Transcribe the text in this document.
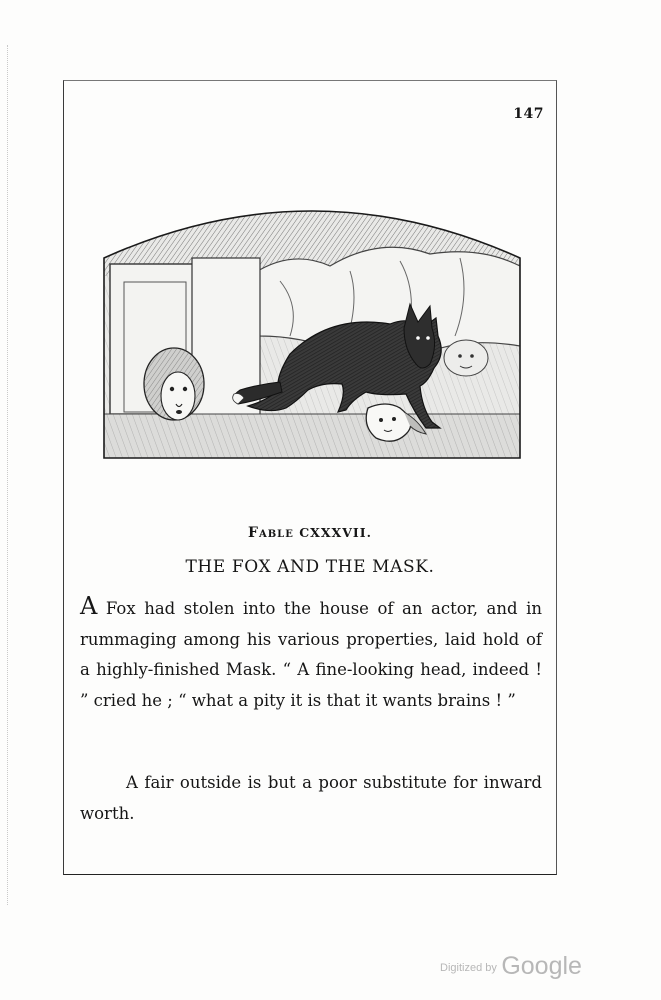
147
Fable CXXXVII.
THE FOX AND THE MASK.

A Fox had stolen into the house of an actor, and in rummaging among his various properties, laid hold of a highly-finished Mask. “ A fine-looking head, indeed ! ” cried he ; “ what a pity it is that it wants brains ! ”

A fair outside is but a poor substitute for inward worth.

Digitized by Google
